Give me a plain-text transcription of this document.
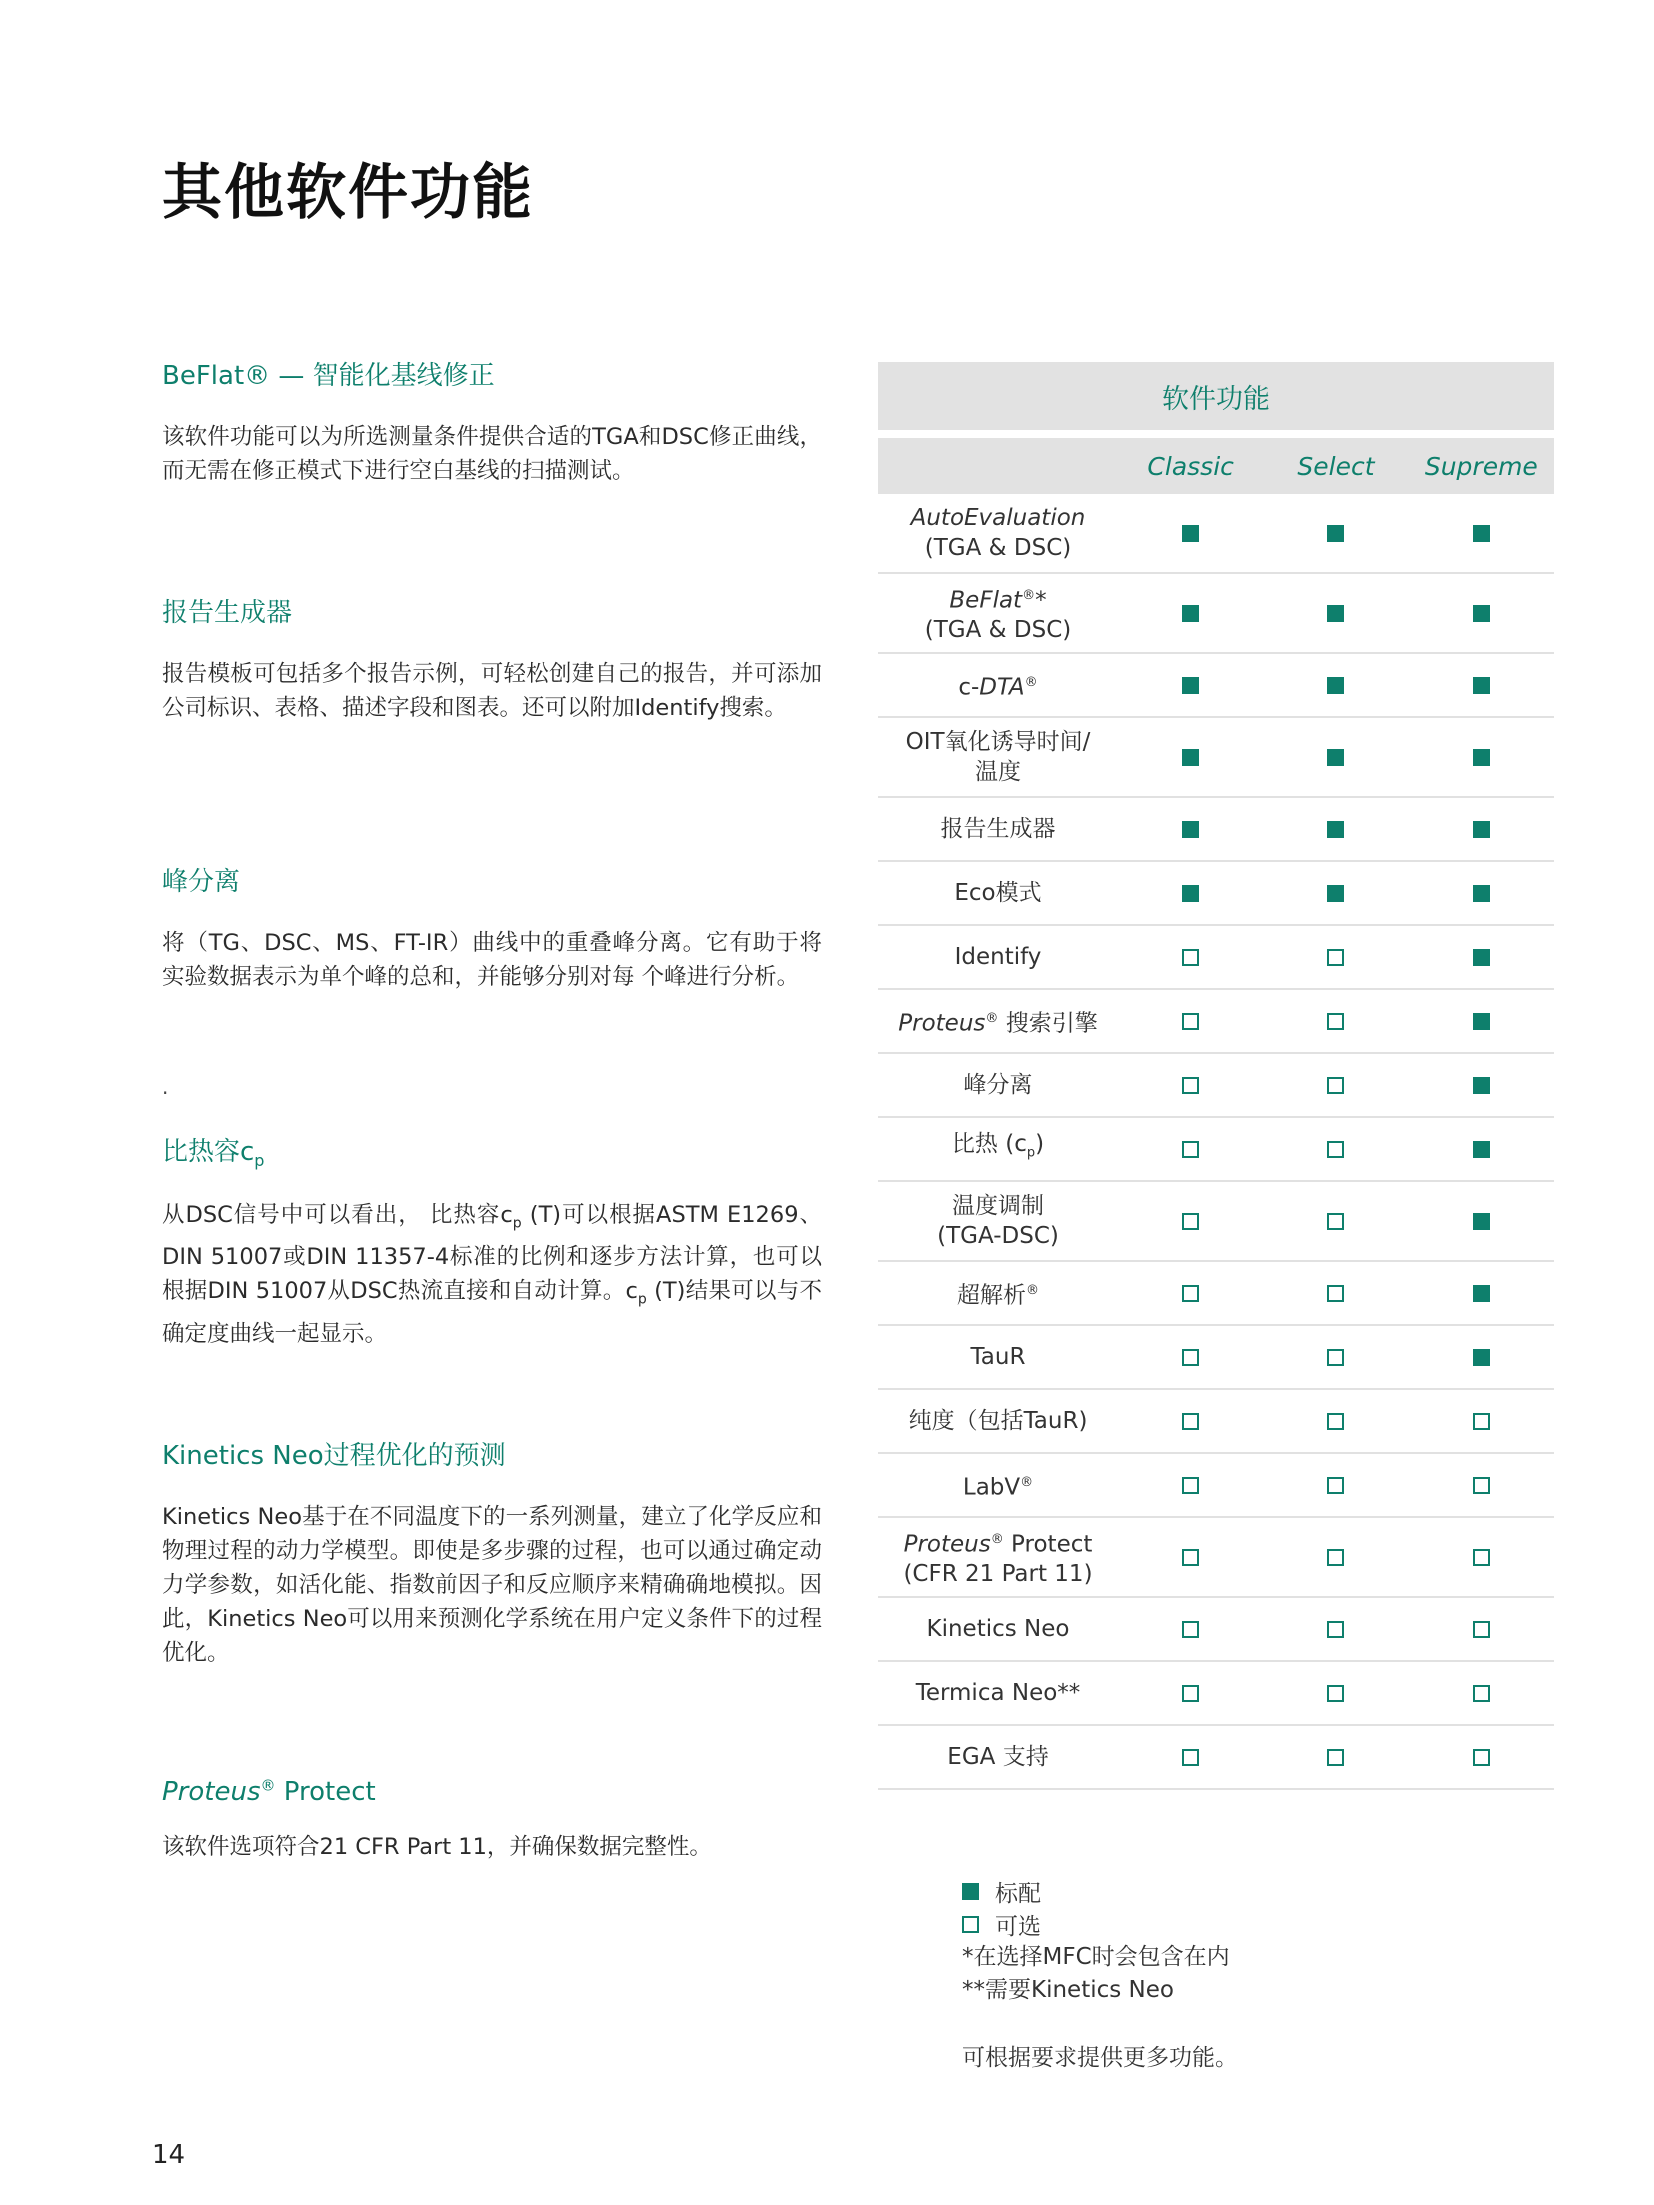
其他软件功能
BeFlat® — 智能化基线修正

该软件功能可以为所选测量条件提供合适的TGA和DSC修正曲线，而无需在修正模式下进行空白基线的扫描测试。

报告生成器

报告模板可包括多个报告示例，可轻松创建自己的报告，并可添加公司标识、表格、描述字段和图表。还可以附加Identify搜索。

峰分离

将（TG、DSC、MS、FT-IR）曲线中的重叠峰分离。它有助于将实验数据表示为单个峰的总和，并能够分别对每 个峰进行分析。

.
比热容$c_p$

从DSC信号中可以看出， 比热容$c_p$ (T)可以根据ASTM E1269、DIN 51007或DIN 11357-4标准的比例和逐步方法计算，也可以根据DIN 51007从DSC热流直接和自动计算。$c_p$ (T)结果可以与不确定度曲线一起显示。

Kinetics Neo过程优化的预测

Kinetics Neo基于在不同温度下的一系列测量，建立了化学反应和物理过程的动力学模型。即使是多步骤的过程，也可以通过确定动力学参数，如活化能、指数前因子和反应顺序来精确确地模拟。因此，Kinetics Neo可以用来预测化学系统在用户定义条件下的过程优化。

Proteus® Protect

该软件选项符合21 CFR Part 11，并确保数据完整性。

软件功能
Classic	Select	Supreme
AutoEvaluation
(TGA & DSC)
BeFlat®*
(TGA & DSC)
c-DTA®
OIT氧化诱导时间/
温度
报告生成器
Eco模式
Identify
Proteus® 搜索引擎
峰分离
比热 $(c_p)$
温度调制
(TGA-DSC)
超解析®
TauR
纯度（包括TauR)
LabV®
Proteus® Protect
(CFR 21 Part 11)
Kinetics Neo
Termica Neo**
EGA 支持
标配
可选
*在选择MFC时会包含在内
**需要Kinetics Neo
可根据要求提供更多功能。
14
